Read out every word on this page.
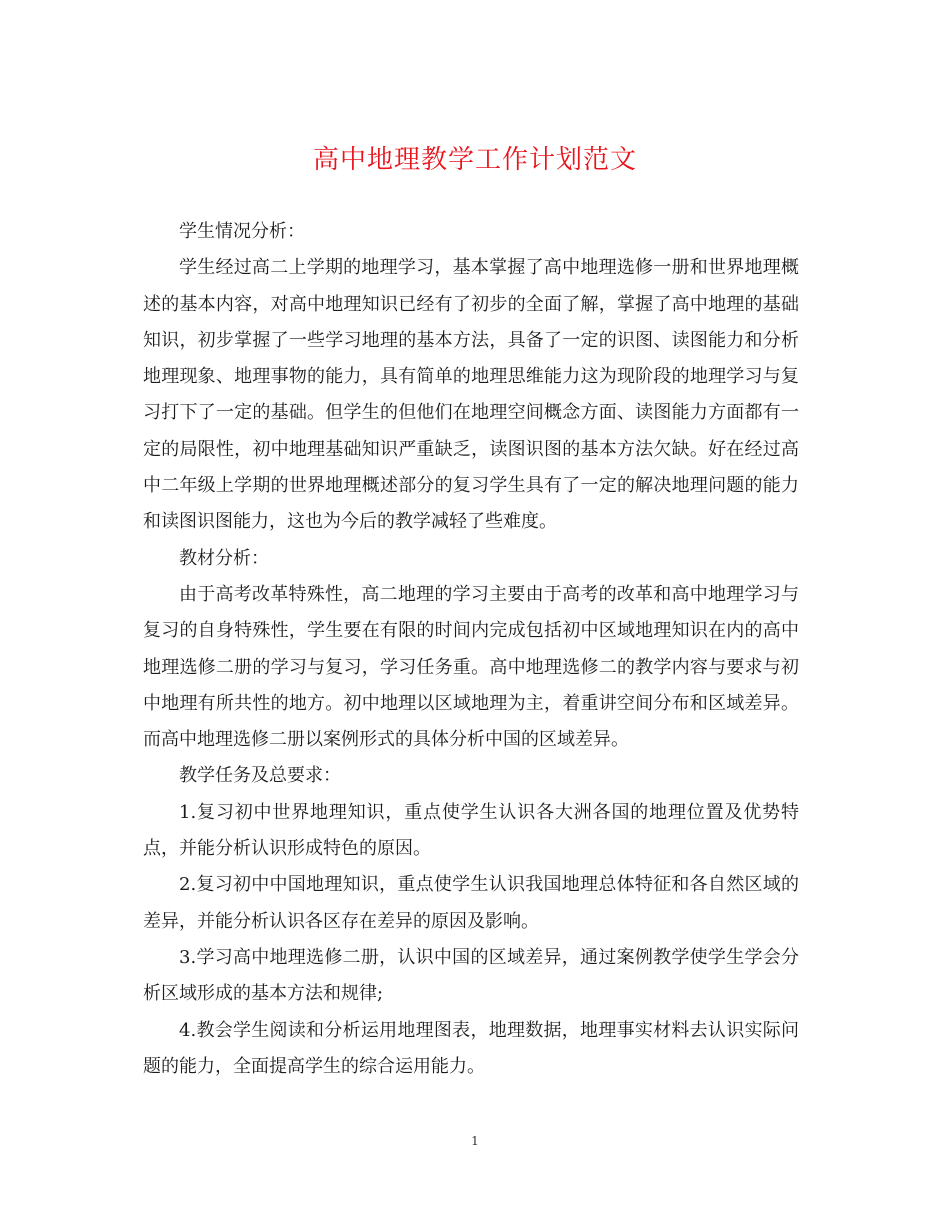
高中地理教学工作计划范文

学生情况分析：

学生经过高二上学期的地理学习，基本掌握了高中地理选修一册和世界地理概述的基本内容，对高中地理知识已经有了初步的全面了解，掌握了高中地理的基础知识，初步掌握了一些学习地理的基本方法，具备了一定的识图、读图能力和分析地理现象、地理事物的能力，具有简单的地理思维能力这为现阶段的地理学习与复习打下了一定的基础。但学生的但他们在地理空间概念方面、读图能力方面都有一定的局限性，初中地理基础知识严重缺乏，读图识图的基本方法欠缺。好在经过高中二年级上学期的世界地理概述部分的复习学生具有了一定的解决地理问题的能力和读图识图能力，这也为今后的教学减轻了些难度。

教材分析：

由于高考改革特殊性，高二地理的学习主要由于高考的改革和高中地理学习与复习的自身特殊性，学生要在有限的时间内完成包括初中区域地理知识在内的高中地理选修二册的学习与复习，学习任务重。高中地理选修二的教学内容与要求与初中地理有所共性的地方。初中地理以区域地理为主，着重讲空间分布和区域差异。而高中地理选修二册以案例形式的具体分析中国的区域差异。

教学任务及总要求：

1.复习初中世界地理知识，重点使学生认识各大洲各国的地理位置及优势特点，并能分析认识形成特色的原因。

2.复习初中中国地理知识，重点使学生认识我国地理总体特征和各自然区域的差异，并能分析认识各区存在差异的原因及影响。

3.学习高中地理选修二册，认识中国的区域差异，通过案例教学使学生学会分析区域形成的基本方法和规律;

4.教会学生阅读和分析运用地理图表，地理数据，地理事实材料去认识实际问题的能力，全面提高学生的综合运用能力。

1
